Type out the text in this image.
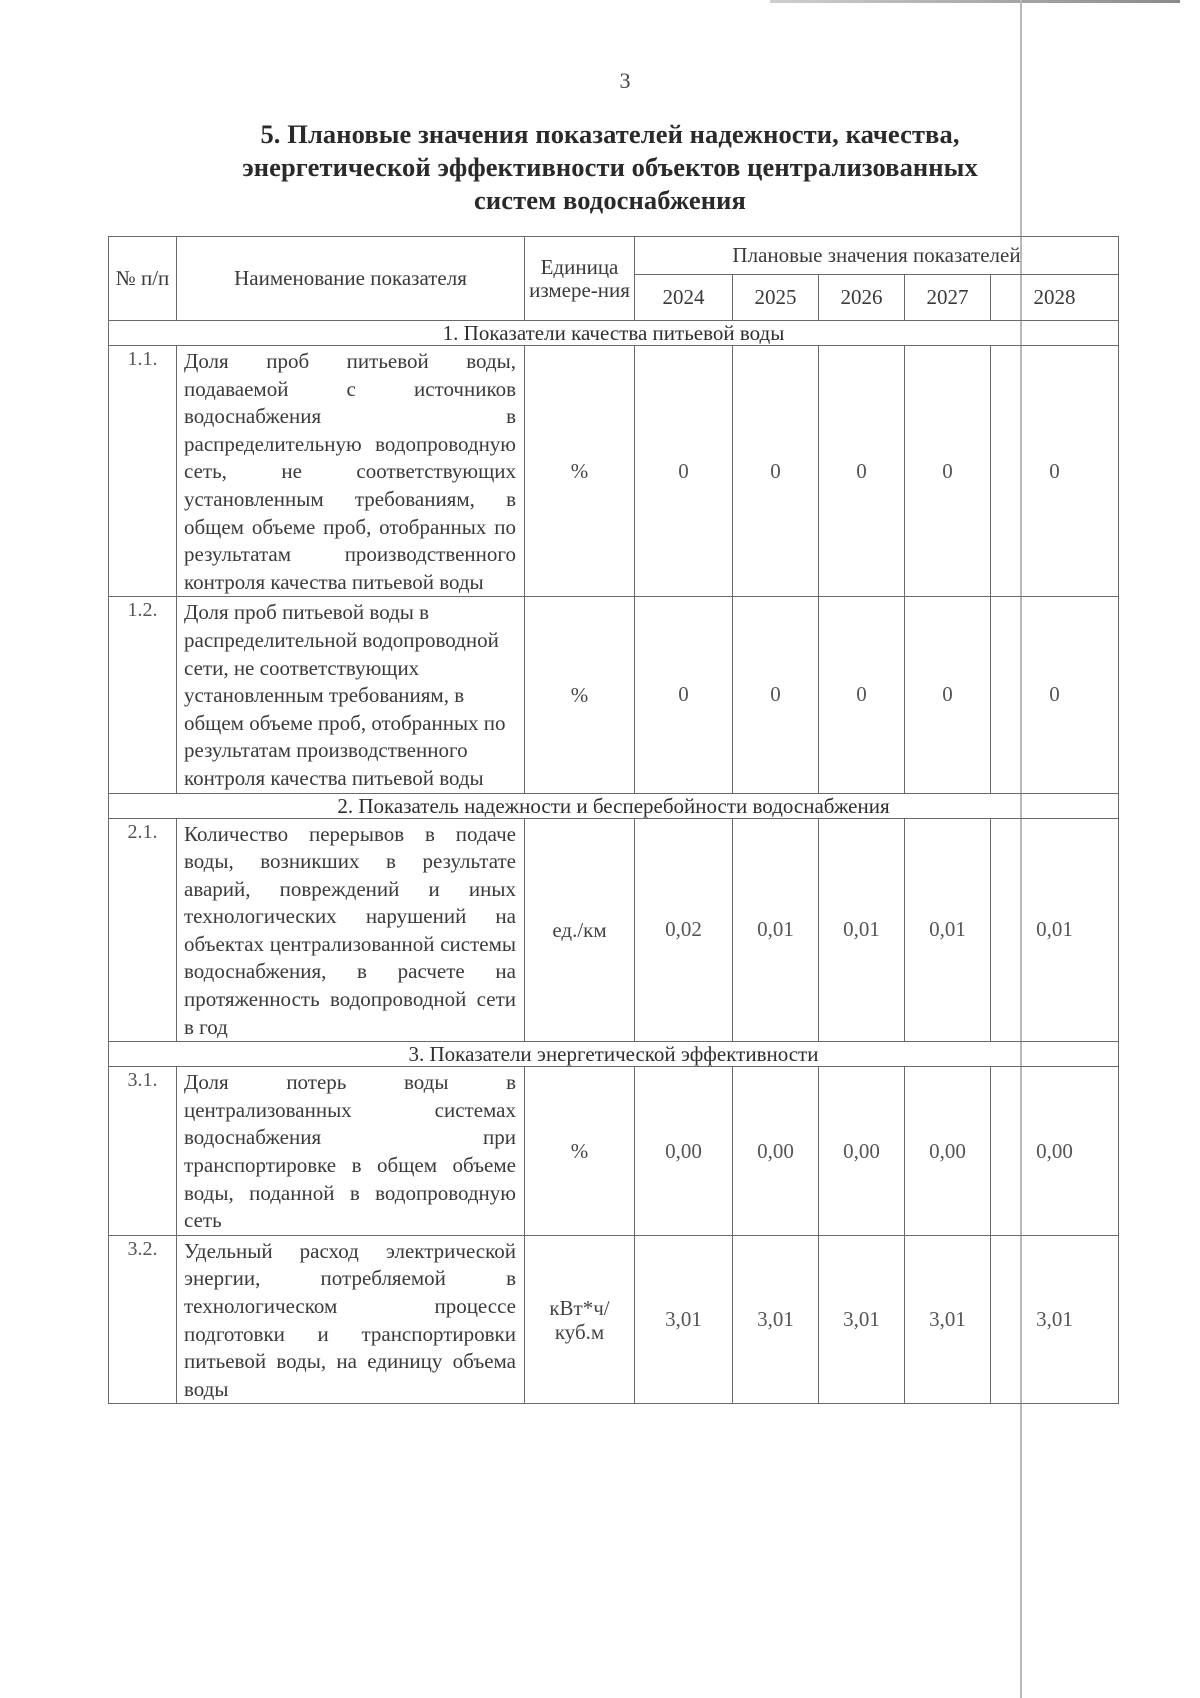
3
5. Плановые значения показателей надежности, качества, энергетической эффективности объектов централизованных систем водоснабжения
№ п/п	Наименование показателя	Единица измере-ния	Плановые значения показателей				
			2024	2025	2026	2027	2028
1. Показатели качества питьевой воды							
1.1.	Доля проб питьевой воды, подаваемой с источников водоснабжения в распределительную водопроводную сеть, не соответствующих установленным требованиям, в общем объеме проб, отобранных по результатам производственного контроля качества питьевой воды	%	0	0	0	0	0
1.2.	Доля проб питьевой воды в распределительной водопроводной сети, не соответствующих установленным требованиям, в общем объеме проб, отобранных по результатам производственного контроля качества питьевой воды	%	0	0	0	0	0
2. Показатель надежности и бесперебойности водоснабжения							
2.1.	Количество перерывов в подаче воды, возникших в результате аварий, повреждений и иных технологических нарушений на объектах централизованной системы водоснабжения, в расчете на протяженность водопроводной сети в год	ед./км	0,02	0,01	0,01	0,01	0,01
3. Показатели энергетической эффективности							
3.1.	Доля потерь воды в централизованных системах водоснабжения при транспортировке в общем объеме воды, поданной в водопроводную сеть	%	0,00	0,00	0,00	0,00	0,00
3.2.	Удельный расход электрической энергии, потребляемой в технологическом процессе подготовки и транспортировки питьевой воды, на единицу объема воды	кВт*ч/ куб.м	3,01	3,01	3,01	3,01	3,01
